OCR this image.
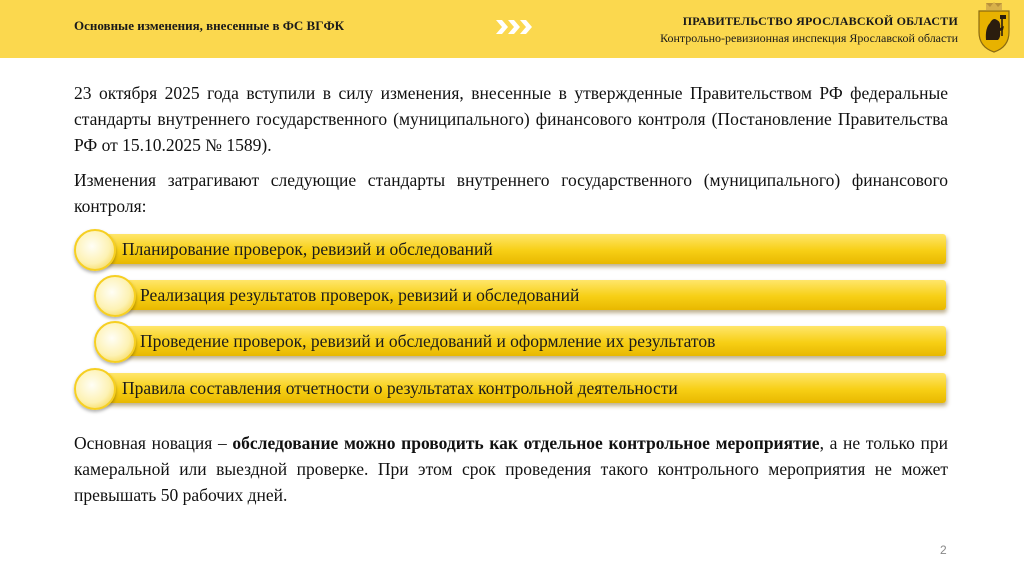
Основные изменения, внесенные в ФС ВГФК	ПРАВИТЕЛЬСТВО ЯРОСЛАВСКОЙ ОБЛАСТИ
Контрольно-ревизионная инспекция Ярославской области
23 октября 2025 года вступили в силу изменения, внесенные в утвержденные Правительством РФ федеральные стандарты внутреннего государственного (муниципального) финансового контроля (Постановление Правительства РФ от 15.10.2025 № 1589).
Изменения затрагивают следующие стандарты внутреннего государственного (муниципального) финансового контроля:
Планирование проверок, ревизий и обследований
Реализация результатов проверок, ревизий и обследований
Проведение проверок, ревизий и обследований и оформление их результатов
Правила составления отчетности о результатах контрольной деятельности
Основная новация – обследование можно проводить как отдельное контрольное мероприятие, а не только при камеральной или выездной проверке. При этом срок проведения такого контрольного мероприятия не может превышать 50 рабочих дней.
2
